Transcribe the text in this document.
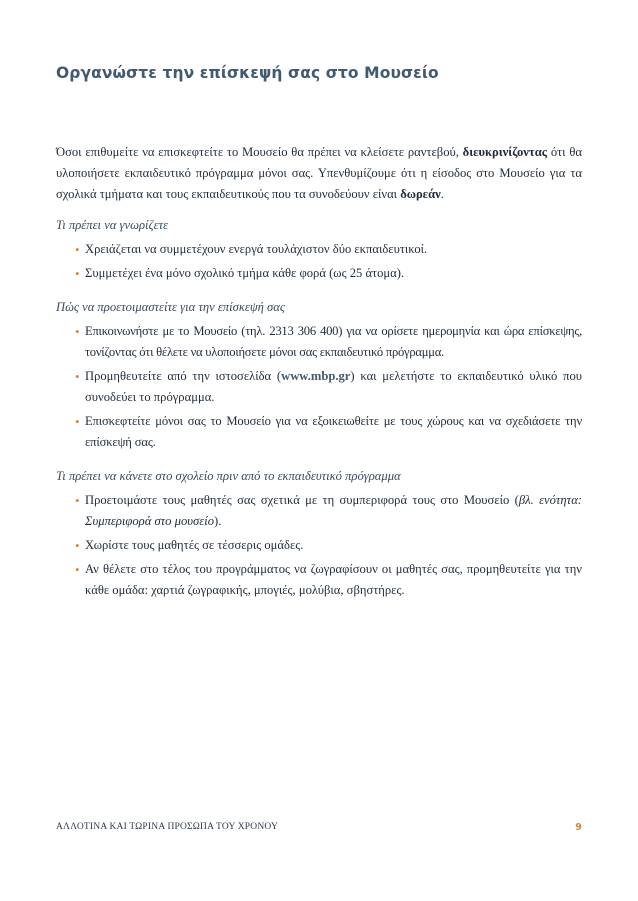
Οργανώστε την επίσκεψή σας στο Μουσείο

Όσοι επιθυμείτε να επισκεφτείτε το Μουσείο θα πρέπει να κλείσετε ραντεβού, διευκρινίζοντας ότι θα υλοποιήσετε εκπαιδευτικό πρόγραμμα μόνοι σας. Υπενθυμίζουμε ότι η είσοδος στο Μουσείο για τα σχολικά τμήματα και τους εκπαιδευτικούς που τα συνοδεύουν είναι δωρεάν.

Τι πρέπει να γνωρίζετε
• Χρειάζεται να συμμετέχουν ενεργά τουλάχιστον δύο εκπαιδευτικοί.
• Συμμετέχει ένα μόνο σχολικό τμήμα κάθε φορά (ως 25 άτομα).
Πώς να προετοιμαστείτε για την επίσκεψή σας
• Επικοινωνήστε με το Μουσείο (τηλ. 2313 306 400) για να ορίσετε ημερομηνία και ώρα επίσκεψης, τονίζοντας ότι θέλετε να υλοποιήσετε μόνοι σας εκπαιδευτικό πρόγραμμα.
• Προμηθευτείτε από την ιστοσελίδα (www.mbp.gr) και μελετήστε το εκπαιδευτικό υλικό που συνοδεύει το πρόγραμμα.
• Επισκεφτείτε μόνοι σας το Μουσείο για να εξοικειωθείτε με τους χώρους και να σχεδιάσετε την επίσκεψή σας.
Τι πρέπει να κάνετε στο σχολείο πριν από το εκπαιδευτικό πρόγραμμα
• Προετοιμάστε τους μαθητές σας σχετικά με τη συμπεριφορά τους στο Μουσείο (βλ. ενότητα: Συμπεριφορά στο μουσείο).
• Χωρίστε τους μαθητές σε τέσσερις ομάδες.
• Αν θέλετε στο τέλος του προγράμματος να ζωγραφίσουν οι μαθητές σας, προμηθευτείτε για την κάθε ομάδα: χαρτιά ζωγραφικής, μπογιές, μολύβια, σβηστήρες.
ΑΛΛΟΤΙΝΑ ΚΑΙ ΤΩΡΙΝΑ ΠΡΟΣΩΠΑ ΤΟΥ ΧΡΟΝΟΥ	9
